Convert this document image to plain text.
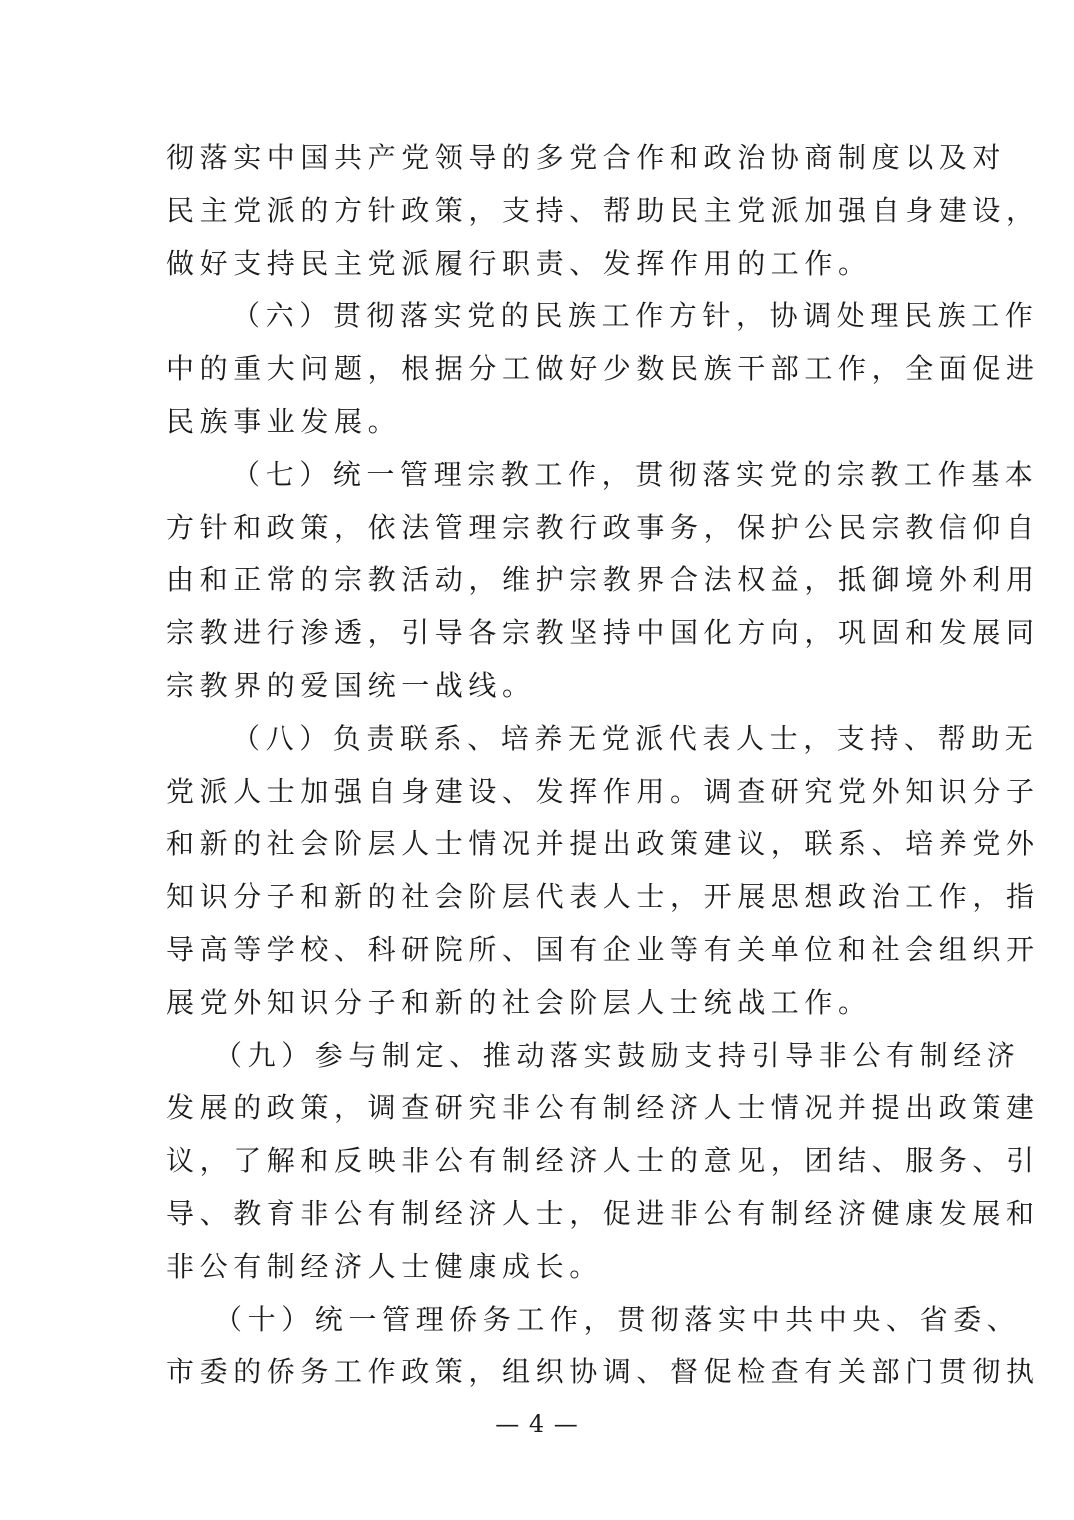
彻落实中国共产党领导的多党合作和政治协商制度以及对
民主党派的方针政策，支持、帮助民主党派加强自身建设，
做好支持民主党派履行职责、发挥作用的工作。
（六）贯彻落实党的民族工作方针，协调处理民族工作
中的重大问题，根据分工做好少数民族干部工作，全面促进
民族事业发展。
（七）统一管理宗教工作，贯彻落实党的宗教工作基本
方针和政策，依法管理宗教行政事务，保护公民宗教信仰自
由和正常的宗教活动，维护宗教界合法权益，抵御境外利用
宗教进行渗透，引导各宗教坚持中国化方向，巩固和发展同
宗教界的爱国统一战线。
（八）负责联系、培养无党派代表人士，支持、帮助无
党派人士加强自身建设、发挥作用。调查研究党外知识分子
和新的社会阶层人士情况并提出政策建议，联系、培养党外
知识分子和新的社会阶层代表人士，开展思想政治工作，指
导高等学校、科研院所、国有企业等有关单位和社会组织开
展党外知识分子和新的社会阶层人士统战工作。
（九）参与制定、推动落实鼓励支持引导非公有制经济
发展的政策，调查研究非公有制经济人士情况并提出政策建
议，了解和反映非公有制经济人士的意见，团结、服务、引
导、教育非公有制经济人士，促进非公有制经济健康发展和
非公有制经济人士健康成长。
（十）统一管理侨务工作，贯彻落实中共中央、省委、
市委的侨务工作政策，组织协调、督促检查有关部门贯彻执
— 4 —
